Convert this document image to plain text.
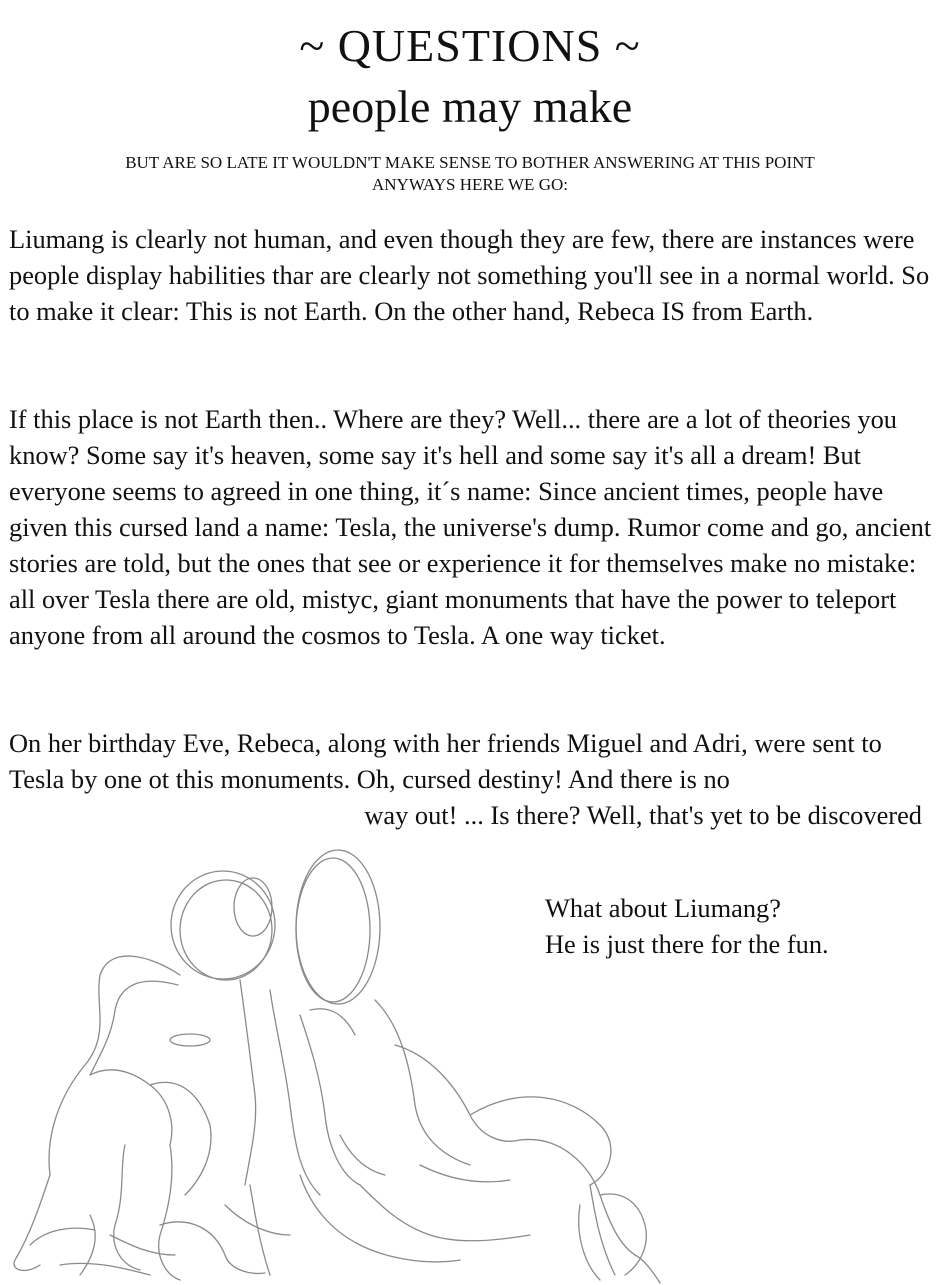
~ QUESTIONS ~
people may make
BUT ARE SO LATE IT WOULDN'T MAKE SENSE TO BOTHER ANSWERING AT THIS POINT
ANYWAYS HERE WE GO:

Liumang is clearly not human, and even though they are few, there are instances were people display habilities thar are clearly not something you'll see in a normal world. So to make it clear: This is not Earth. On the other hand, Rebeca IS from Earth.

If this place is not Earth then.. Where are they? Well... there are a lot of theories you know? Some say it's heaven, some say it's hell and some say it's all a dream! But everyone seems to agreed in one thing, it´s name: Since ancient times, people have given this cursed land a name: Tesla, the universe's dump. Rumor come and go, ancient stories are told, but the ones that see or experience it for themselves make no mistake: all over Tesla there are old, mistyc, giant monuments that have the power to teleport anyone from all around the cosmos to Tesla. A one way ticket.

On her birthday Eve, Rebeca, along with her friends Miguel and Adri, were sent to Tesla by one ot this monuments. Oh, cursed destiny! And there is no
way out! ... Is there? Well, that's yet to be discovered

What about Liumang?
He is just there for the fun.
